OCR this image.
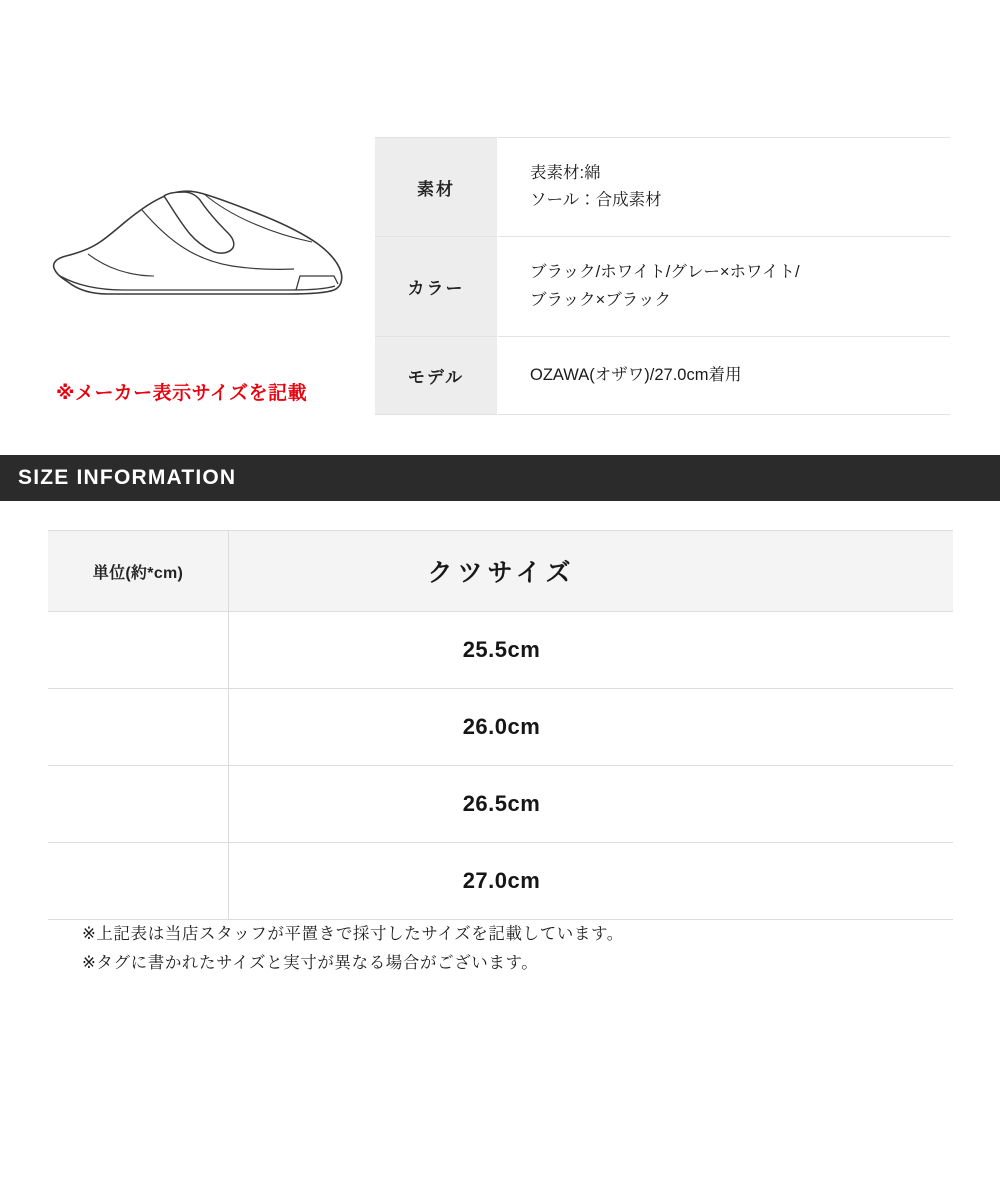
※メーカー表示サイズを記載
素材	表素材:綿
ソール：合成素材

カラー	ブラック/ホワイト/グレー×ホワイト/
ブラック×ブラック

モデル	OZAWA(オザワ)/27.0cm着用
SIZE INFORMATION
単位(約*cm)	クツサイズ
	25.5cm
	26.0cm
	26.5cm
	27.0cm
※上記表は当店スタッフが平置きで採寸したサイズを記載しています。
※タグに書かれたサイズと実寸が異なる場合がございます。
